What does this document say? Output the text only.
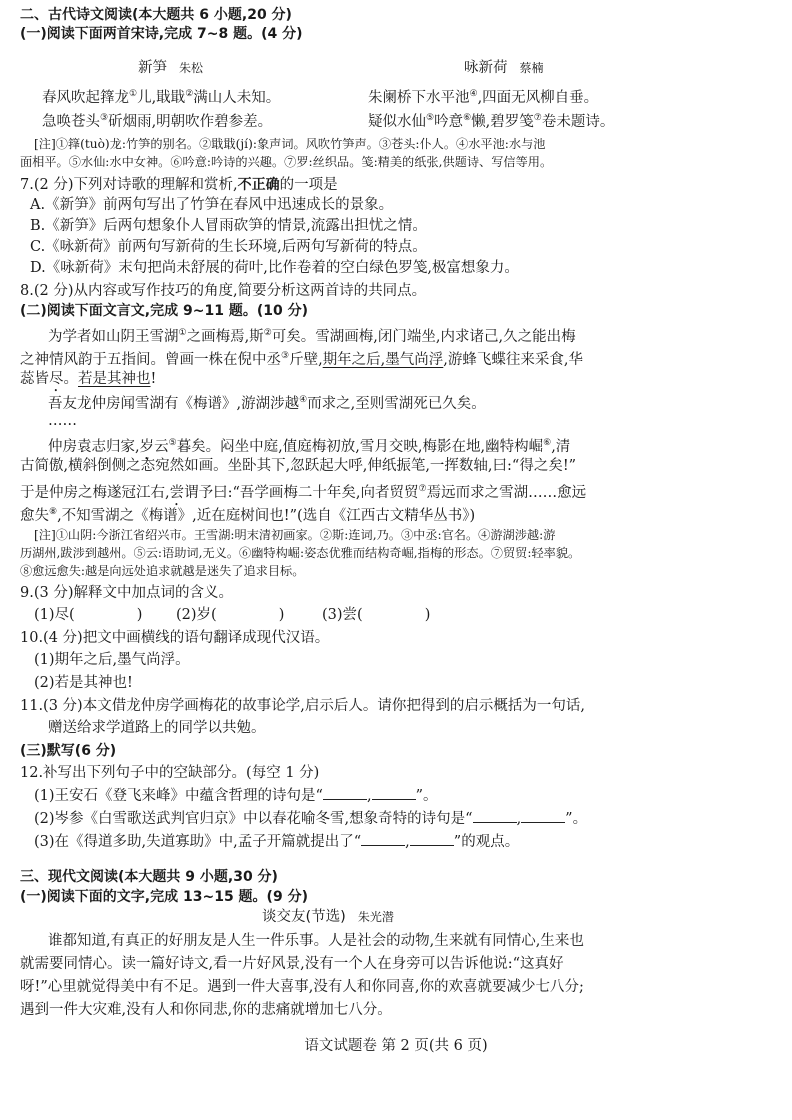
二、古代诗文阅读(本大题共 6 小题,20 分)
(一)阅读下面两首宋诗,完成 7~8 题。(4 分)
新笋 朱松	咏新荷 蔡楠
春风吹起箨龙①儿,戢戢②满山人未知。
急唤苍头③斫烟雨,明朝吹作碧参差。
朱阑桥下水平池④,四面无风柳自垂。
疑似水仙⑤吟意⑥懒,碧罗笺⑦卷未题诗。
[注]①箨(tuò)龙:竹笋的别名。②戢戢(jí):象声词。风吹竹笋声。③苍头:仆人。④水平池:水与池
面相平。⑤水仙:水中女神。⑥吟意:吟诗的兴趣。⑦罗:丝织品。笺:精美的纸张,供题诗、写信等用。
7.(2 分)下列对诗歌的理解和赏析,不正确的一项是
A.《新笋》前两句写出了竹笋在春风中迅速成长的景象。
B.《新笋》后两句想象仆人冒雨砍笋的情景,流露出担忧之情。
C.《咏新荷》前两句写新荷的生长环境,后两句写新荷的特点。
D.《咏新荷》末句把尚未舒展的荷叶,比作卷着的空白绿色罗笺,极富想象力。
8.(2 分)从内容或写作技巧的角度,简要分析这两首诗的共同点。
(二)阅读下面文言文,完成 9~11 题。(10 分)
为学者如山阴王雪湖①之画梅焉,斯②可矣。雪湖画梅,闭门端坐,内求诸己,久之能出梅
之神情风韵于五指间。曾画一株在倪中丞③斤壁,期年之后,墨气尚浮,游蜂飞蝶往来采食,华
蕊皆尽。若是其神也!
吾友龙仲房闻雪湖有《梅谱》,游湖涉越④而求之,至则雪湖死已久矣。
……
仲房袁志归家,岁云⑤暮矣。闷坐中庭,值庭梅初放,雪月交映,梅影在地,幽特构崛⑥,清
古简傲,横斜倒侧之态宛然如画。坐卧其下,忽跃起大呼,伸纸振笔,一挥数轴,曰:“得之矣!”
于是仲房之梅遂冠江右,尝谓予曰:“吾学画梅二十年矣,向者贸贸⑦焉远而求之雪湖……愈远
愈失⑧,不知雪湖之《梅谱》,近在庭树间也!”(选自《江西古文精华丛书》)
[注]①山阴:今浙江省绍兴市。王雪湖:明末清初画家。②斯:连词,乃。③中丞:官名。④游湖涉越:游
历湖州,跋涉到越州。⑤云:语助词,无义。⑥幽特构崛:姿态优雅而结构奇崛,指梅的形态。⑦贸贸:轻率貌。
⑧愈远愈失:越是向远处追求就越是迷失了追求目标。
9.(3 分)解释文中加点词的含义。
(1)尽(	) (2)岁(	)	(3)尝(	)
10.(4 分)把文中画横线的语句翻译成现代汉语。
(1)期年之后,墨气尚浮。
(2)若是其神也!
11.(3 分)本文借龙仲房学画梅花的故事论学,启示后人。请你把得到的启示概括为一句话,
赠送给求学道路上的同学以共勉。
(三)默写(6 分)
12.补写出下列句子中的空缺部分。(每空 1 分)
(1)王安石《登飞来峰》中蕴含哲理的诗句是“	,	”。
(2)岑参《白雪歌送武判官归京》中以春花喻冬雪,想象奇特的诗句是“	,	”。
(3)在《得道多助,失道寡助》中,孟子开篇就提出了“	,	”的观点。
三、现代文阅读(本大题共 9 小题,30 分)
(一)阅读下面的文字,完成 13~15 题。(9 分)
谈交友(节选) 朱光潜
谁都知道,有真正的好朋友是人生一件乐事。人是社会的动物,生来就有同情心,生来也
就需要同情心。读一篇好诗文,看一片好风景,没有一个人在身旁可以告诉他说:“这真好
呀!”心里就觉得美中有不足。遇到一件大喜事,没有人和你同喜,你的欢喜就要减少七八分;
遇到一件大灾难,没有人和你同悲,你的悲痛就增加七八分。
语文试题卷 第 2 页(共 6 页)
